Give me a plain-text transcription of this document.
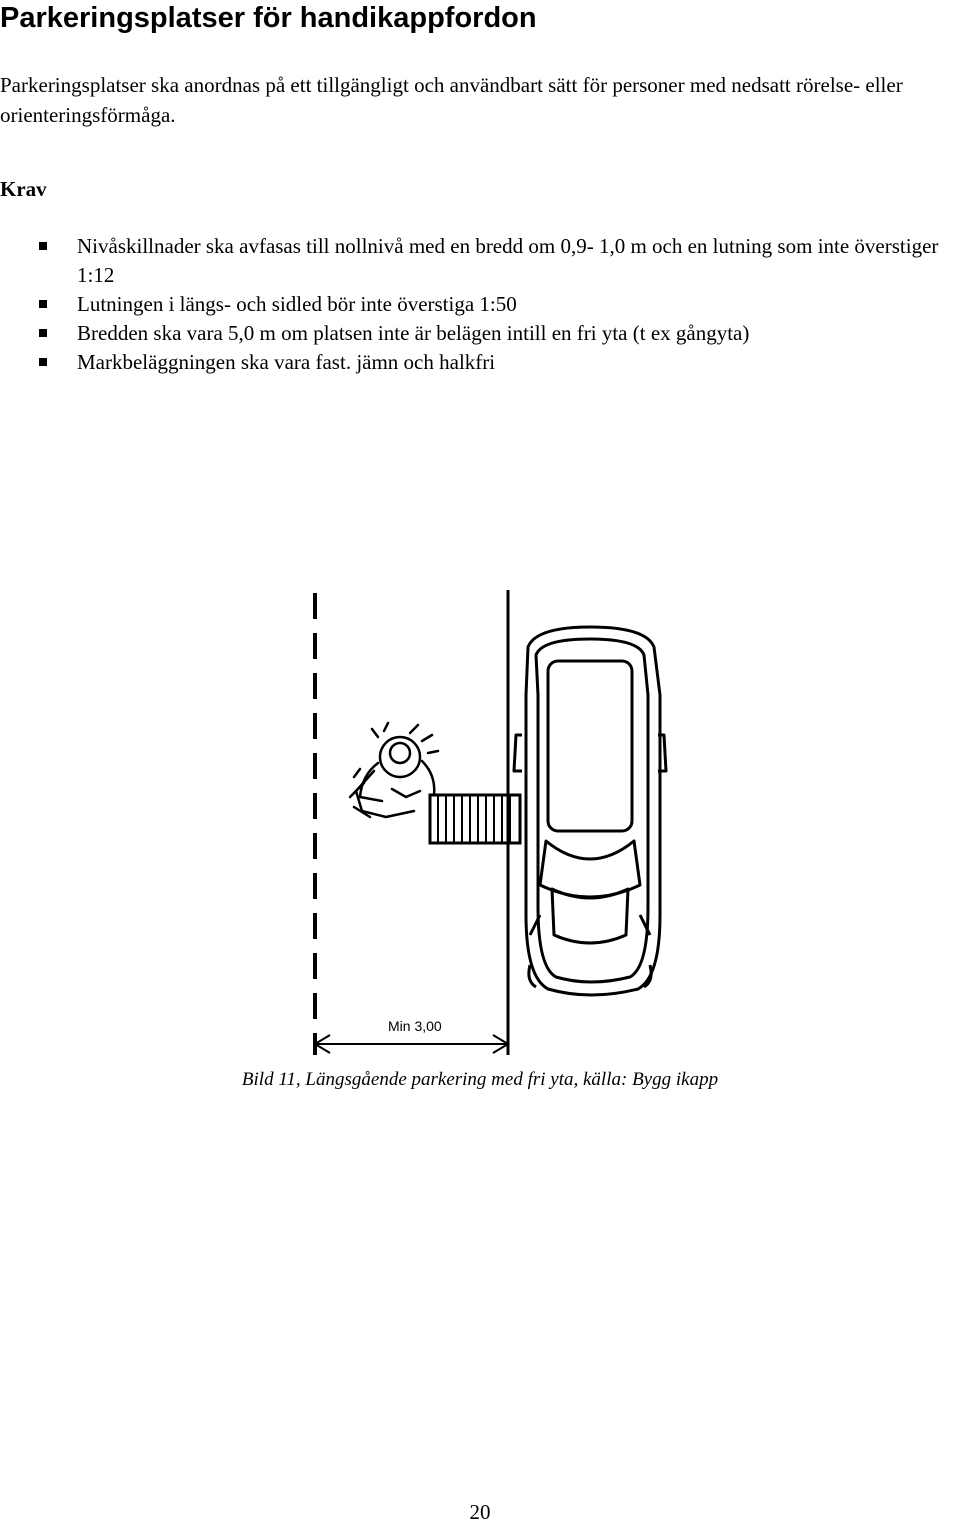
Parkeringsplatser för handikappfordon

Parkeringsplatser ska anordnas på ett tillgängligt och användbart sätt för personer med nedsatt rörelse- eller orienteringsförmåga.

Krav
Nivåskillnader ska avfasas till nollnivå med en bredd om 0,9- 1,0 m och en lutning som inte överstiger 1:12
Lutningen i längs- och sidled bör inte överstiga 1:50
Bredden ska vara 5,0 m om platsen inte är belägen intill en fri yta (t ex gångyta)
Markbeläggningen ska vara fast. jämn och halkfri
Min 3,00
Bild 11, Längsgående parkering med fri yta, källa: Bygg ikapp
20
